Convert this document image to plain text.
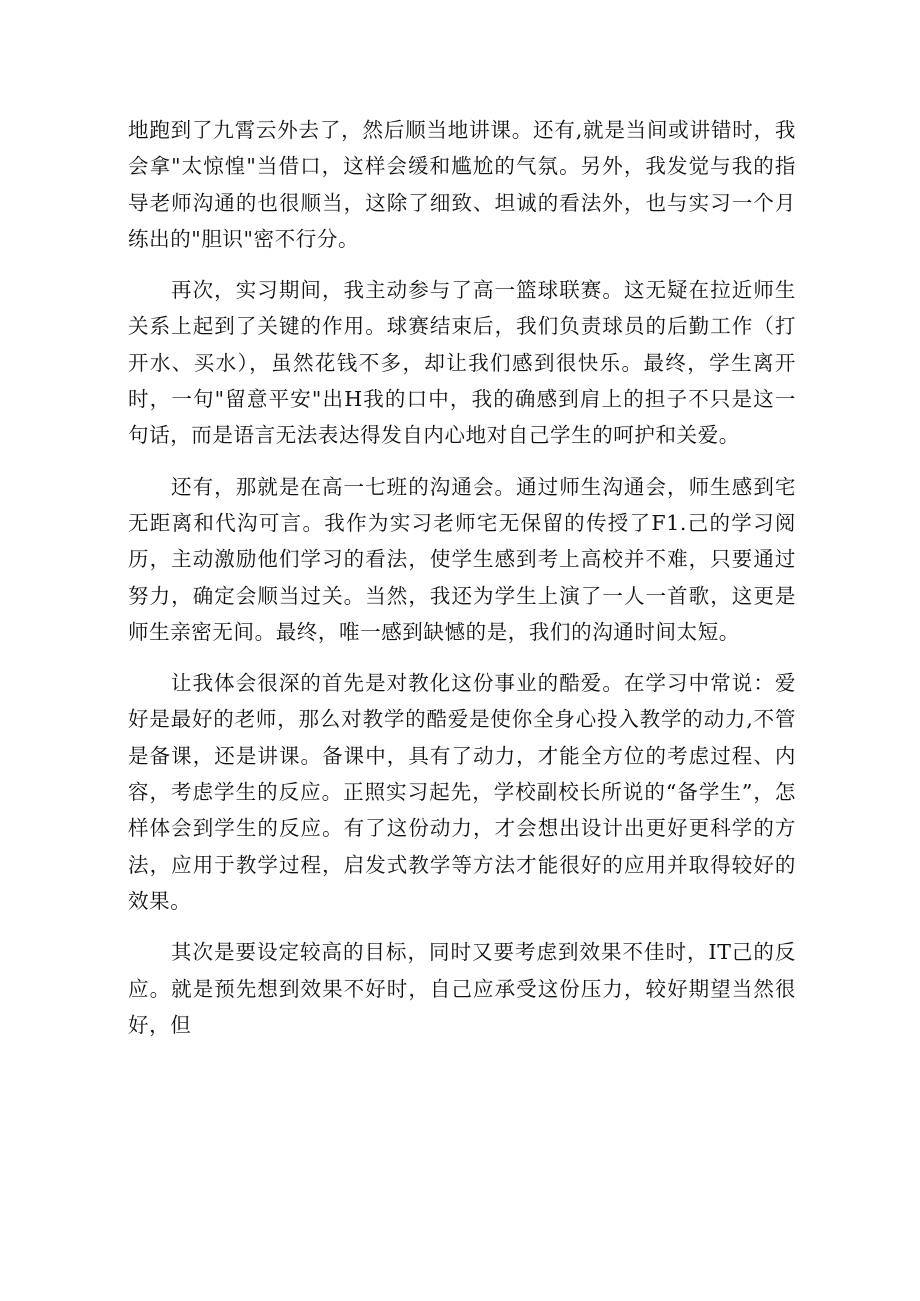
地跑到了九霄云外去了，然后顺当地讲课。还有,就是当间或讲错时，我会拿"太惊惶"当借口，这样会缓和尴尬的气氛。另外，我发觉与我的指导老师沟通的也很顺当，这除了细致、坦诚的看法外，也与实习一个月练出的"胆识"密不行分。

再次，实习期间，我主动参与了高一篮球联赛。这无疑在拉近师生关系上起到了关键的作用。球赛结束后，我们负责球员的后勤工作（打开水、买水），虽然花钱不多，却让我们感到很快乐。最终，学生离开时，一句"留意平安"出H我的口中，我的确感到肩上的担子不只是这一句话，而是语言无法表达得发自内心地对自己学生的呵护和关爱。

还有，那就是在高一七班的沟通会。通过师生沟通会，师生感到宅无距离和代沟可言。我作为实习老师宅无保留的传授了F1.己的学习阅历，主动激励他们学习的看法，使学生感到考上高校并不难，只要通过努力，确定会顺当过关。当然，我还为学生上演了一人一首歌，这更是师生亲密无间。最终，唯一感到缺憾的是，我们的沟通时间太短。

让我体会很深的首先是对教化这份事业的酷爱。在学习中常说：爱好是最好的老师，那么对教学的酷爱是使你全身心投入教学的动力,不管是备课，还是讲课。备课中，具有了动力，才能全方位的考虑过程、内容，考虑学生的反应。正照实习起先，学校副校长所说的“备学生”，怎样体会到学生的反应。有了这份动力，才会想出设计出更好更科学的方法，应用于教学过程，启发式教学等方法才能很好的应用并取得较好的效果。

其次是要设定较高的目标，同时又要考虑到效果不佳时，IT己的反应。就是预先想到效果不好时，自己应承受这份压力，较好期望当然很好，但
